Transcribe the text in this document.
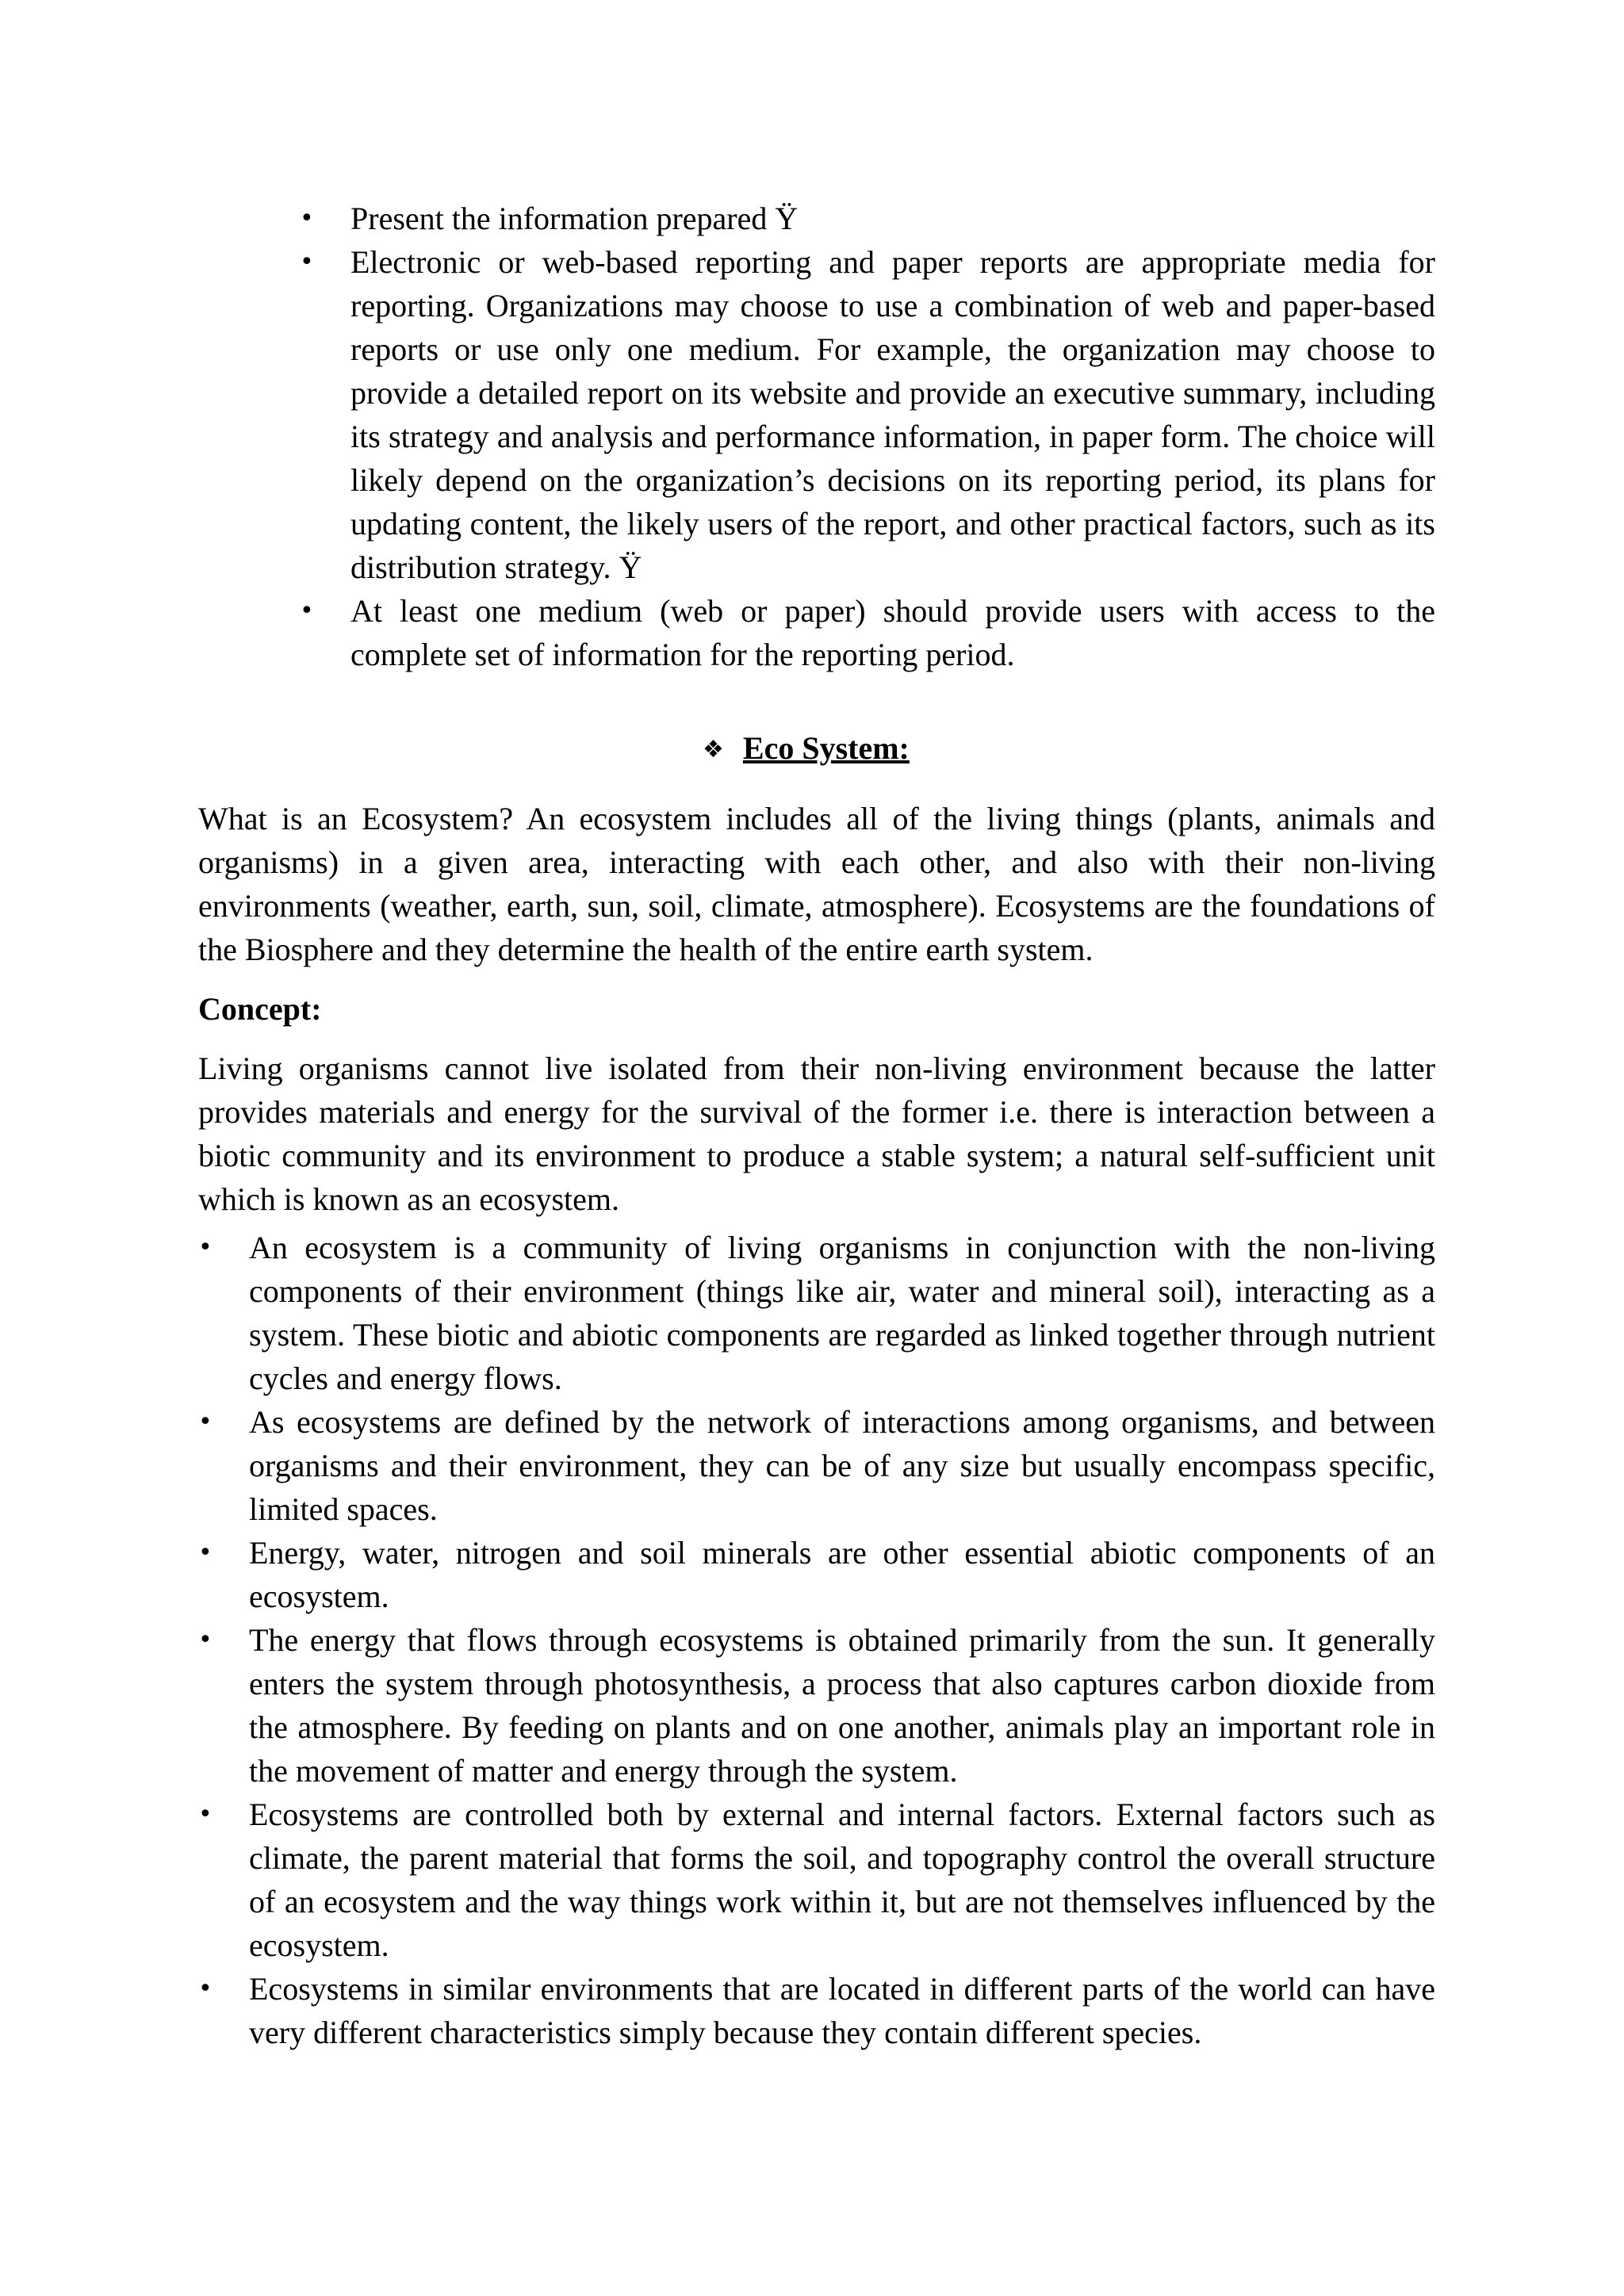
• Present the information prepared Ÿ
• Electronic or web-based reporting and paper reports are appropriate media for reporting. Organizations may choose to use a combination of web and paper-based reports or use only one medium. For example, the organization may choose to provide a detailed report on its website and provide an executive summary, including its strategy and analysis and performance information, in paper form. The choice will likely depend on the organization’s decisions on its reporting period, its plans for updating content, the likely users of the report, and other practical factors, such as its distribution strategy. Ÿ
• At least one medium (web or paper) should provide users with access to the complete set of information for the reporting period.
❖ Eco System:

What is an Ecosystem? An ecosystem includes all of the living things (plants, animals and organisms) in a given area, interacting with each other, and also with their non-living environments (weather, earth, sun, soil, climate, atmosphere). Ecosystems are the foundations of the Biosphere and they determine the health of the entire earth system.

Concept:

Living organisms cannot live isolated from their non-living environment because the latter provides materials and energy for the survival of the former i.e. there is interaction between a biotic community and its environment to produce a stable system; a natural self-sufficient unit which is known as an ecosystem.

• An ecosystem is a community of living organisms in conjunction with the non-living components of their environment (things like air, water and mineral soil), interacting as a system. These biotic and abiotic components are regarded as linked together through nutrient cycles and energy flows.
• As ecosystems are defined by the network of interactions among organisms, and between organisms and their environment, they can be of any size but usually encompass specific, limited spaces.
• Energy, water, nitrogen and soil minerals are other essential abiotic components of an ecosystem.
• The energy that flows through ecosystems is obtained primarily from the sun. It generally enters the system through photosynthesis, a process that also captures carbon dioxide from the atmosphere. By feeding on plants and on one another, animals play an important role in the movement of matter and energy through the system.
• Ecosystems are controlled both by external and internal factors. External factors such as climate, the parent material that forms the soil, and topography control the overall structure of an ecosystem and the way things work within it, but are not themselves influenced by the ecosystem.
• Ecosystems in similar environments that are located in different parts of the world can have very different characteristics simply because they contain different species.
